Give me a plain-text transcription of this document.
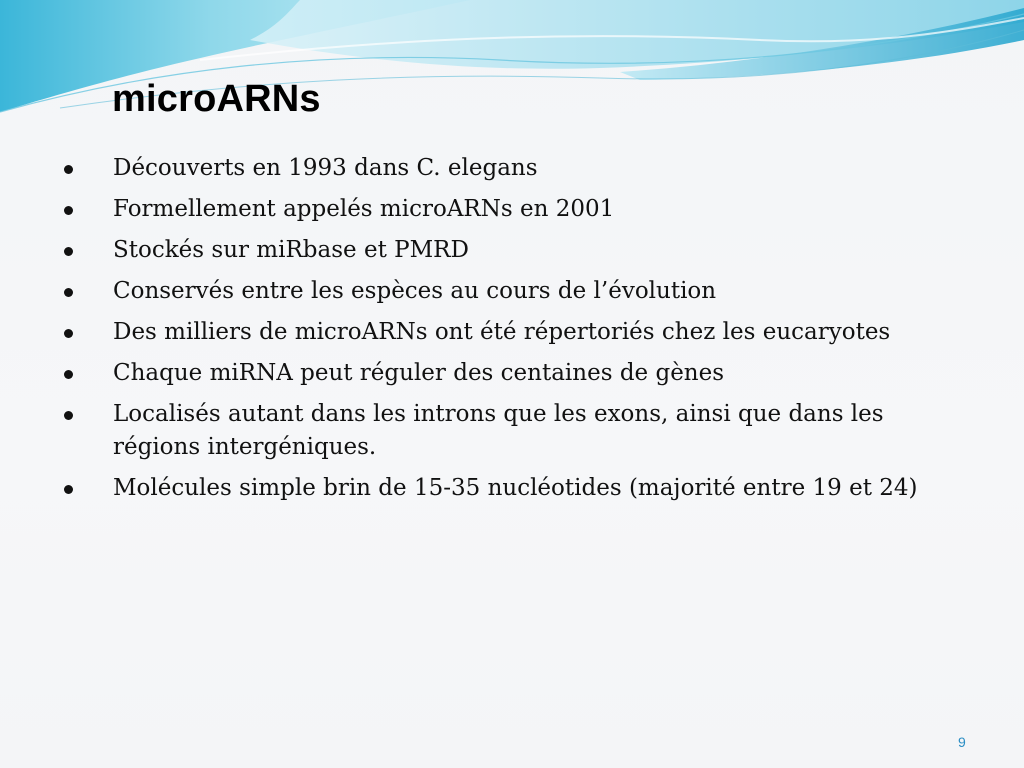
microARNs
Découverts en 1993 dans C. elegans
Formellement appelés microARNs en 2001
Stockés sur miRbase et PMRD
Conservés entre les espèces au cours de l’évolution
Des milliers de microARNs ont été répertoriés chez les eucaryotes
Chaque miRNA peut réguler des centaines de gènes
Localisés autant dans les introns que les exons, ainsi que dans les régions intergéniques.
Molécules simple brin de 15-35 nucléotides (majorité entre 19 et 24)
9
